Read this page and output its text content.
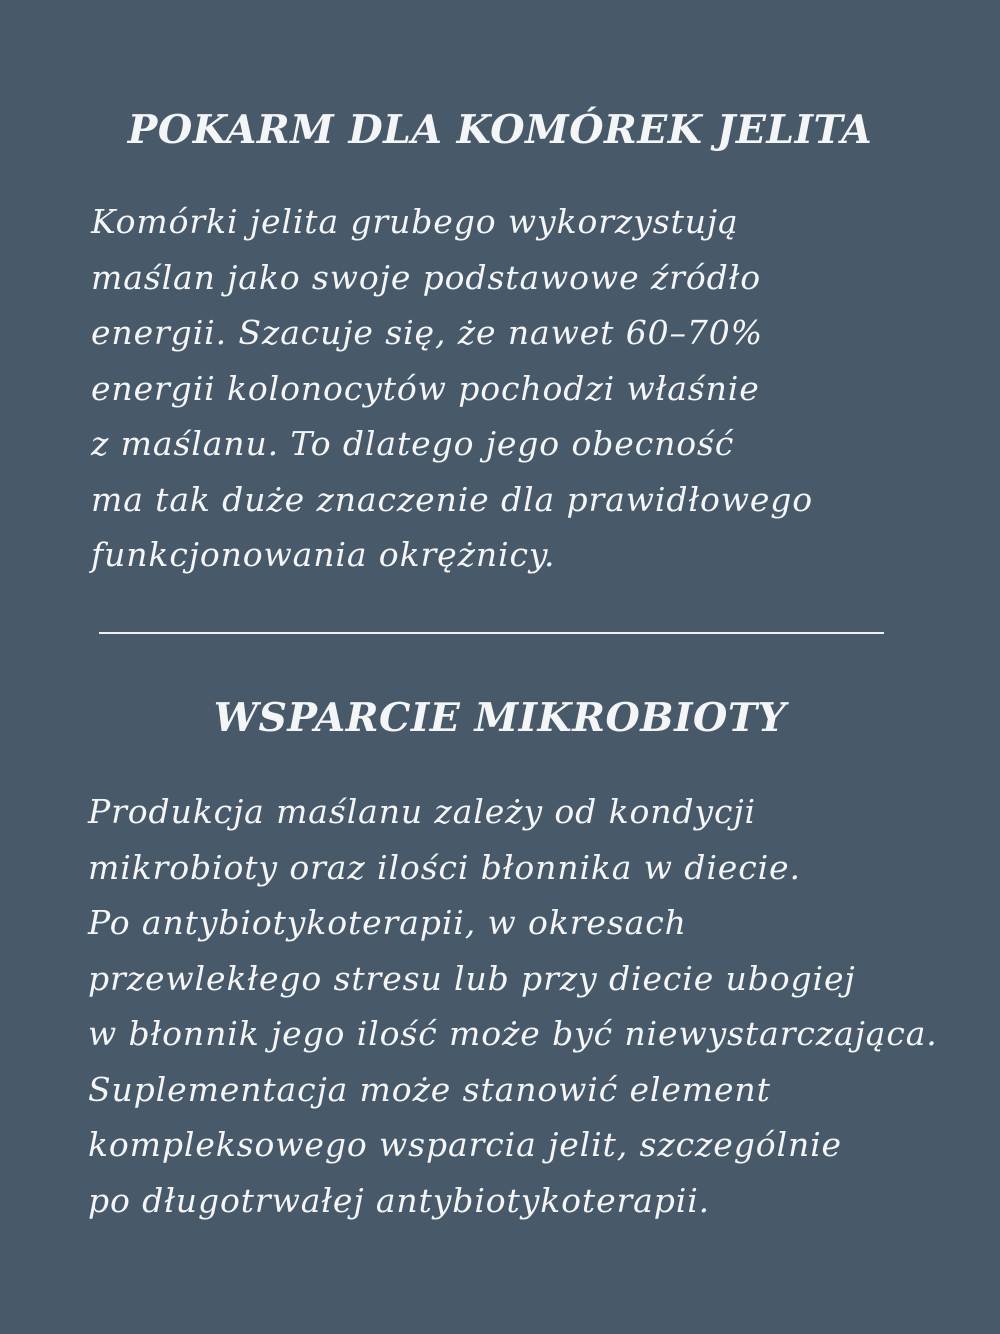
POKARM DLA KOMÓREK JELITA

Komórki jelita grubego wykorzystują
maślan jako swoje podstawowe źródło
energii. Szacuje się, że nawet 60–70%
energii kolonocytów pochodzi właśnie
z maślanu. To dlatego jego obecność
ma tak duże znaczenie dla prawidłowego
funkcjonowania okrężnicy.

WSPARCIE MIKROBIOTY

Produkcja maślanu zależy od kondycji
mikrobioty oraz ilości błonnika w diecie.
Po antybiotykoterapii, w okresach
przewlekłego stresu lub przy diecie ubogiej
w błonnik jego ilość może być niewystarczająca.
Suplementacja może stanowić element
kompleksowego wsparcia jelit, szczególnie
po długotrwałej antybiotykoterapii.
